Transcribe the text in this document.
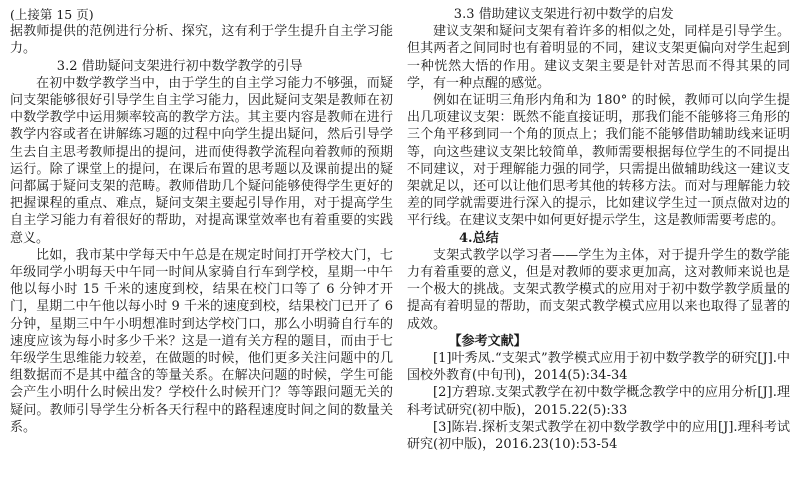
(上接第 15 页)

据教师提供的范例进行分析、探究，这有利于学生提升自主学习能力。

3.2 借助疑问支架进行初中数学教学的引导

在初中数学教学当中，由于学生的自主学习能力不够强，而疑问支架能够很好引导学生自主学习能力，因此疑问支架是教师在初中数学教学中运用频率较高的教学方法。其主要内容是教师在进行教学内容或者在讲解练习题的过程中向学生提出疑问，然后引导学生去自主思考教师提出的提问，进而使得教学流程向着教师的预期运行。除了课堂上的提问，在课后布置的思考题以及课前提出的疑问都属于疑问支架的范畴。教师借助几个疑问能够使得学生更好的把握课程的重点、难点，疑问支架主要起引导作用，对于提高学生自主学习能力有着很好的帮助，对提高课堂效率也有着重要的实践意义。

比如，我市某中学每天中午总是在规定时间打开学校大门，七年级同学小明每天中午同一时间从家骑自行车到学校，星期一中午他以每小时 15 千米的速度到校，结果在校门口等了 6 分钟才开门，星期二中午他以每小时 9 千米的速度到校，结果校门已开了 6 分钟，星期三中午小明想准时到达学校门口，那么小明骑自行车的速度应该为每小时多少千米？这是一道有关方程的题目，而由于七年级学生思维能力较差，在做题的时候，他们更多关注问题中的几组数据而不是其中蕴含的等量关系。在解决问题的时候，学生可能会产生小明什么时候出发？学校什么时候开门？等等跟问题无关的疑问。教师引导学生分析各天行程中的路程速度时间之间的数量关系。

3.3 借助建议支架进行初中数学的启发

建议支架和疑问支架有着许多的相似之处，同样是引导学生。但其两者之间同时也有着明显的不同，建议支架更偏向对学生起到一种恍然大悟的作用。建议支架主要是针对苦思而不得其果的同学，有一种点醒的感觉。

例如在证明三角形内角和为 180° 的时候，教师可以向学生提出几项建议支架：既然不能直接证明，那我们能不能够将三角形的三个角平移到同一个角的顶点上；我们能不能够借助辅助线来证明等，向这些建议支架比较简单，教师需要根据每位学生的不同提出不同建议，对于理解能力强的同学，只需提出做辅助线这一建议支架就足以，还可以让他们思考其他的转移方法。而对与理解能力较差的同学就需要进行深入的提示，比如建议学生过一顶点做对边的平行线。在建议支架中如何更好提示学生，这是教师需要考虑的。

4.总结

支架式教学以学习者——学生为主体，对于提升学生的数学能力有着重要的意义，但是对教师的要求更加高，这对教师来说也是一个极大的挑战。支架式教学模式的应用对于初中数学教学质量的提高有着明显的帮助，而支架式教学模式应用以来也取得了显著的成效。

【参考文献】

[1]叶秀凤.“支架式”教学模式应用于初中数学教学的研究[J].中国校外教育(中旬刊)，2014(5):34-34

[2]方碧琼.支架式教学在初中数学概念教学中的应用分析[J].理科考试研究(初中版)，2015.22(5):33

[3]陈岩.探析支架式教学在初中数学教学中的应用[J].理科考试研究(初中版)，2016.23(10):53-54
